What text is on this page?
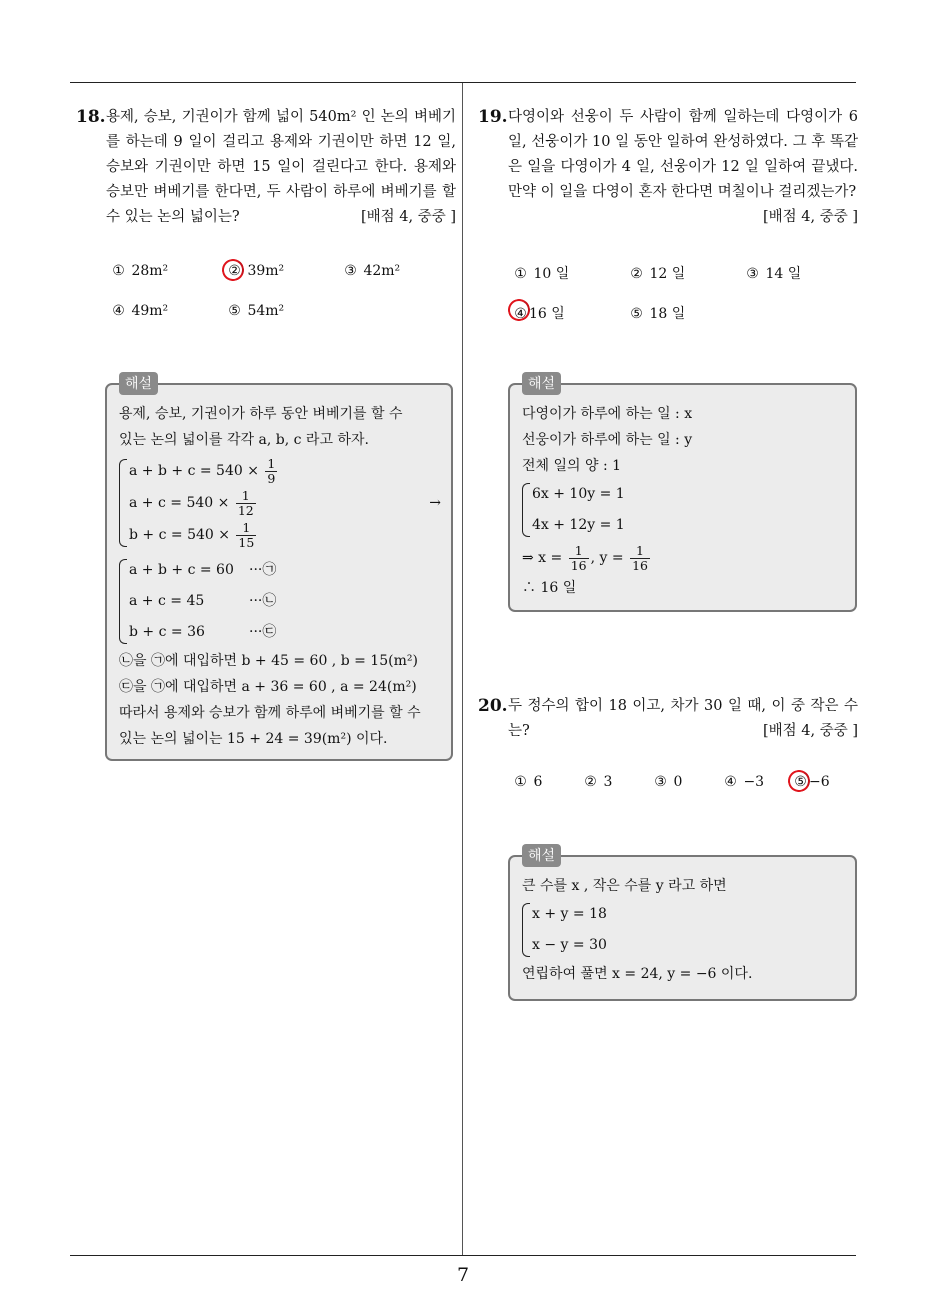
7
18. 용제, 승보, 기권이가 함께 넓이 540m² 인 논의 벼베기를 하는데 9 일이 걸리고 용제와 기권이만 하면 12 일, 승보와 기권이만 하면 15 일이 걸린다고 한다. 용제와 승보만 벼베기를 한다면, 두 사람이 하루에 벼베기를 할 수 있는 논의 넓이는?	[배점 4, 중중 ]
① 28m²	② 39m²	③ 42m²
④ 49m²	⑤ 54m²
해설
용제, 승보, 기권이가 하루 동안 벼베기를 할 수
있는 논의 넓이를 각각 a, b, c 라고 하자.
$a + b + c = 540 \times \frac{1}{9}$
$a + c = 540 \times \frac{1}{12}$	→
$b + c = 540 \times \frac{1}{15}$
a + b + c = 60 ···㉠
a + c = 45	···㉡
b + c = 36	···㉢
㉡을 ㉠에 대입하면 b + 45 = 60 , b = 15(m²)
㉢을 ㉠에 대입하면 a + 36 = 60 , a = 24(m²)
따라서 용제와 승보가 함께 하루에 벼베기를 할 수
있는 논의 넓이는 15 + 24 = 39(m²) 이다.
19. 다영이와 선웅이 두 사람이 함께 일하는데 다영이가 6 일, 선웅이가 10 일 동안 일하여 완성하였다. 그 후 똑같은 일을 다영이가 4 일, 선웅이가 12 일 일하여 끝냈다. 만약 이 일을 다영이 혼자 한다면 며칠이나 걸리겠는가?
[배점 4, 중중 ]
① 10 일	② 12 일	③ 14 일
④ 16 일	⑤ 18 일
해설
다영이가 하루에 하는 일 : x
선웅이가 하루에 하는 일 : y
전체 일의 양 : 1
6x + 10y = 1
4x + 12y = 1
⇒ $x = \frac{1}{16}$ , $y = \frac{1}{16}$
∴ 16 일
20. 두 정수의 합이 18 이고, 차가 30 일 때, 이 중 작은 수는?	[배점 4, 중중 ]
① 6	② 3	③ 0	④ −3 ⑤ −6
해설
큰 수를 x , 작은 수를 y 라고 하면
x + y = 18
x − y = 30
연립하여 풀면 x = 24, y = −6 이다.
